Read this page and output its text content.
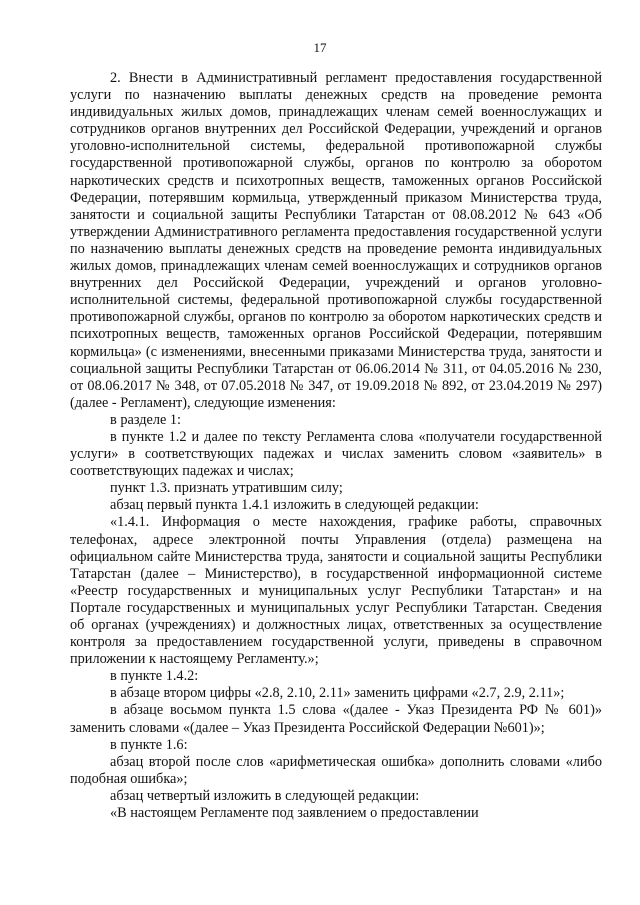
17

2. Внести в Административный регламент предоставления государственной услуги по назначению выплаты денежных средств на проведение ремонта индивидуальных жилых домов, принадлежащих членам семей военнослужащих и сотрудников органов внутренних дел Российской Федерации, учреждений и органов уголовно-исполнительной системы, федеральной противопожарной службы государственной противопожарной службы, органов по контролю за оборотом наркотических средств и психотропных веществ, таможенных органов Российской Федерации, потерявшим кормильца, утвержденный приказом Министерства труда, занятости и социальной защиты Республики Татарстан от 08.08.2012 № 643 «Об утверждении Административного регламента предоставления государственной услуги по назначению выплаты денежных средств на проведение ремонта индивидуальных жилых домов, принадлежащих членам семей военнослужащих и сотрудников органов внутренних дел Российской Федерации, учреждений и органов уголовно-исполнительной системы, федеральной противопожарной службы государственной противопожарной службы, органов по контролю за оборотом наркотических средств и психотропных веществ, таможенных органов Российской Федерации, потерявшим кормильца» (с изменениями, внесенными приказами Министерства труда, занятости и социальной защиты Республики Татарстан от 06.06.2014 № 311, от 04.05.2016 № 230, от 08.06.2017 № 348, от 07.05.2018 № 347, от 19.09.2018 № 892, от 23.04.2019 № 297) (далее - Регламент), следующие изменения:

в разделе 1:

в пункте 1.2 и далее по тексту Регламента слова «получатели государственной услуги» в соответствующих падежах и числах заменить словом «заявитель» в соответствующих падежах и числах;

пункт 1.3. признать утратившим силу;

абзац первый пункта 1.4.1 изложить в следующей редакции:

«1.4.1. Информация о месте нахождения, графике работы, справочных телефонах, адресе электронной почты Управления (отдела) размещена на официальном сайте Министерства труда, занятости и социальной защиты Республики Татарстан (далее – Министерство), в государственной информационной системе «Реестр государственных и муниципальных услуг Республики Татарстан» и на Портале государственных и муниципальных услуг Республики Татарстан. Сведения об органах (учреждениях) и должностных лицах, ответственных за осуществление контроля за предоставлением государственной услуги, приведены в справочном приложении к настоящему Регламенту.»;

в пункте 1.4.2:

в абзаце втором цифры «2.8, 2.10, 2.11» заменить цифрами «2.7, 2.9, 2.11»;

в абзаце восьмом пункта 1.5 слова «(далее - Указ Президента РФ № 601)» заменить словами «(далее – Указ Президента Российской Федерации №601)»;

в пункте 1.6:

абзац второй после слов «арифметическая ошибка» дополнить словами «либо подобная ошибка»;

абзац четвертый изложить в следующей редакции:

«В настоящем Регламенте под заявлением о предоставлении
